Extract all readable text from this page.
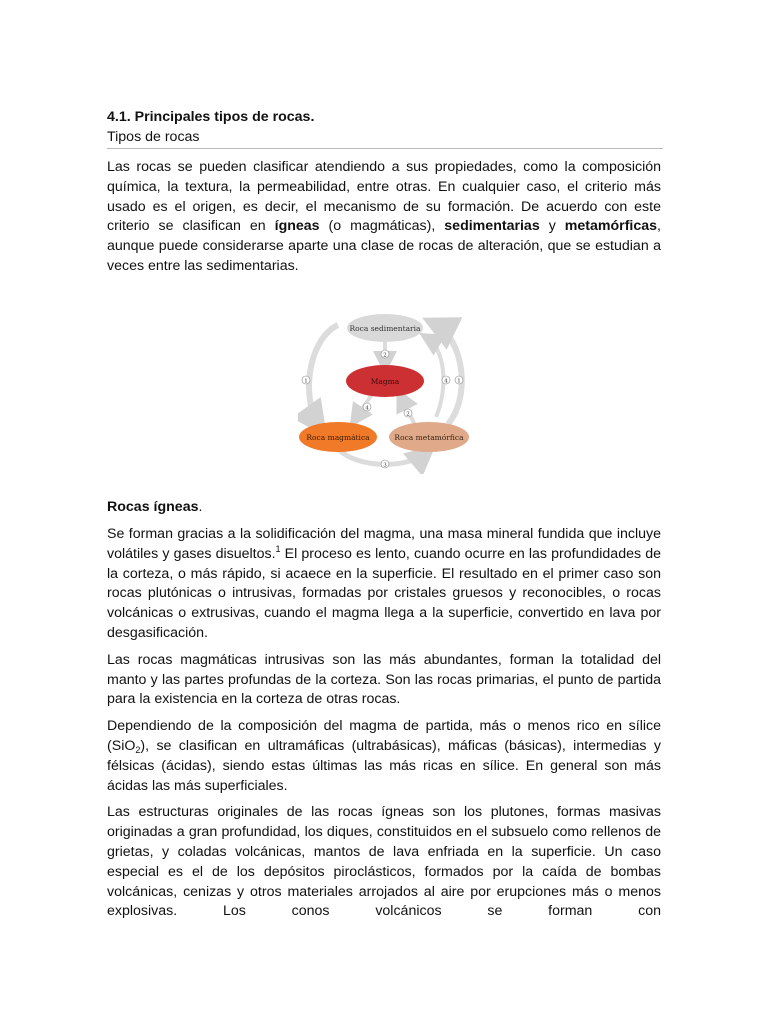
4.1. Principales tipos de rocas.
Tipos de rocas

Las rocas se pueden clasificar atendiendo a sus propiedades, como la composición química, la textura, la permeabilidad, entre otras. En cualquier caso, el criterio más usado es el origen, es decir, el mecanismo de su formación. De acuerdo con este criterio se clasifican en ígneas (o magmáticas), sedimentarias y metamórficas, aunque puede considerarse aparte una clase de rocas de alteración, que se estudian a veces entre las sedimentarias.

Roca sedimentaria
Magma
Roca magmática	Roca metamórfica
2
1	4 1
4
2
3
Rocas ígneas.

Se forman gracias a la solidificación del magma, una masa mineral fundida que incluye volátiles y gases disueltos.$^1$ El proceso es lento, cuando ocurre en las profundidades de la corteza, o más rápido, si acaece en la superficie. El resultado en el primer caso son rocas plutónicas o intrusivas, formadas por cristales gruesos y reconocibles, o rocas volcánicas o extrusivas, cuando el magma llega a la superficie, convertido en lava por desgasificación.

Las rocas magmáticas intrusivas son las más abundantes, forman la totalidad del manto y las partes profundas de la corteza. Son las rocas primarias, el punto de partida para la existencia en la corteza de otras rocas.

Dependiendo de la composición del magma de partida, más o menos rico en sílice (SiO$_2$), se clasifican en ultramáficas (ultrabásicas), máficas (básicas), intermedias y félsicas (ácidas), siendo estas últimas las más ricas en sílice. En general son más ácidas las más superficiales.

Las estructuras originales de las rocas ígneas son los plutones, formas masivas originadas a gran profundidad, los diques, constituidos en el subsuelo como rellenos de grietas, y coladas volcánicas, mantos de lava enfriada en la superficie. Un caso especial es el de los depósitos piroclásticos, formados por la caída de bombas volcánicas, cenizas y otros materiales arrojados al aire por erupciones más o menos explosivas. Los conos volcánicos se forman con
